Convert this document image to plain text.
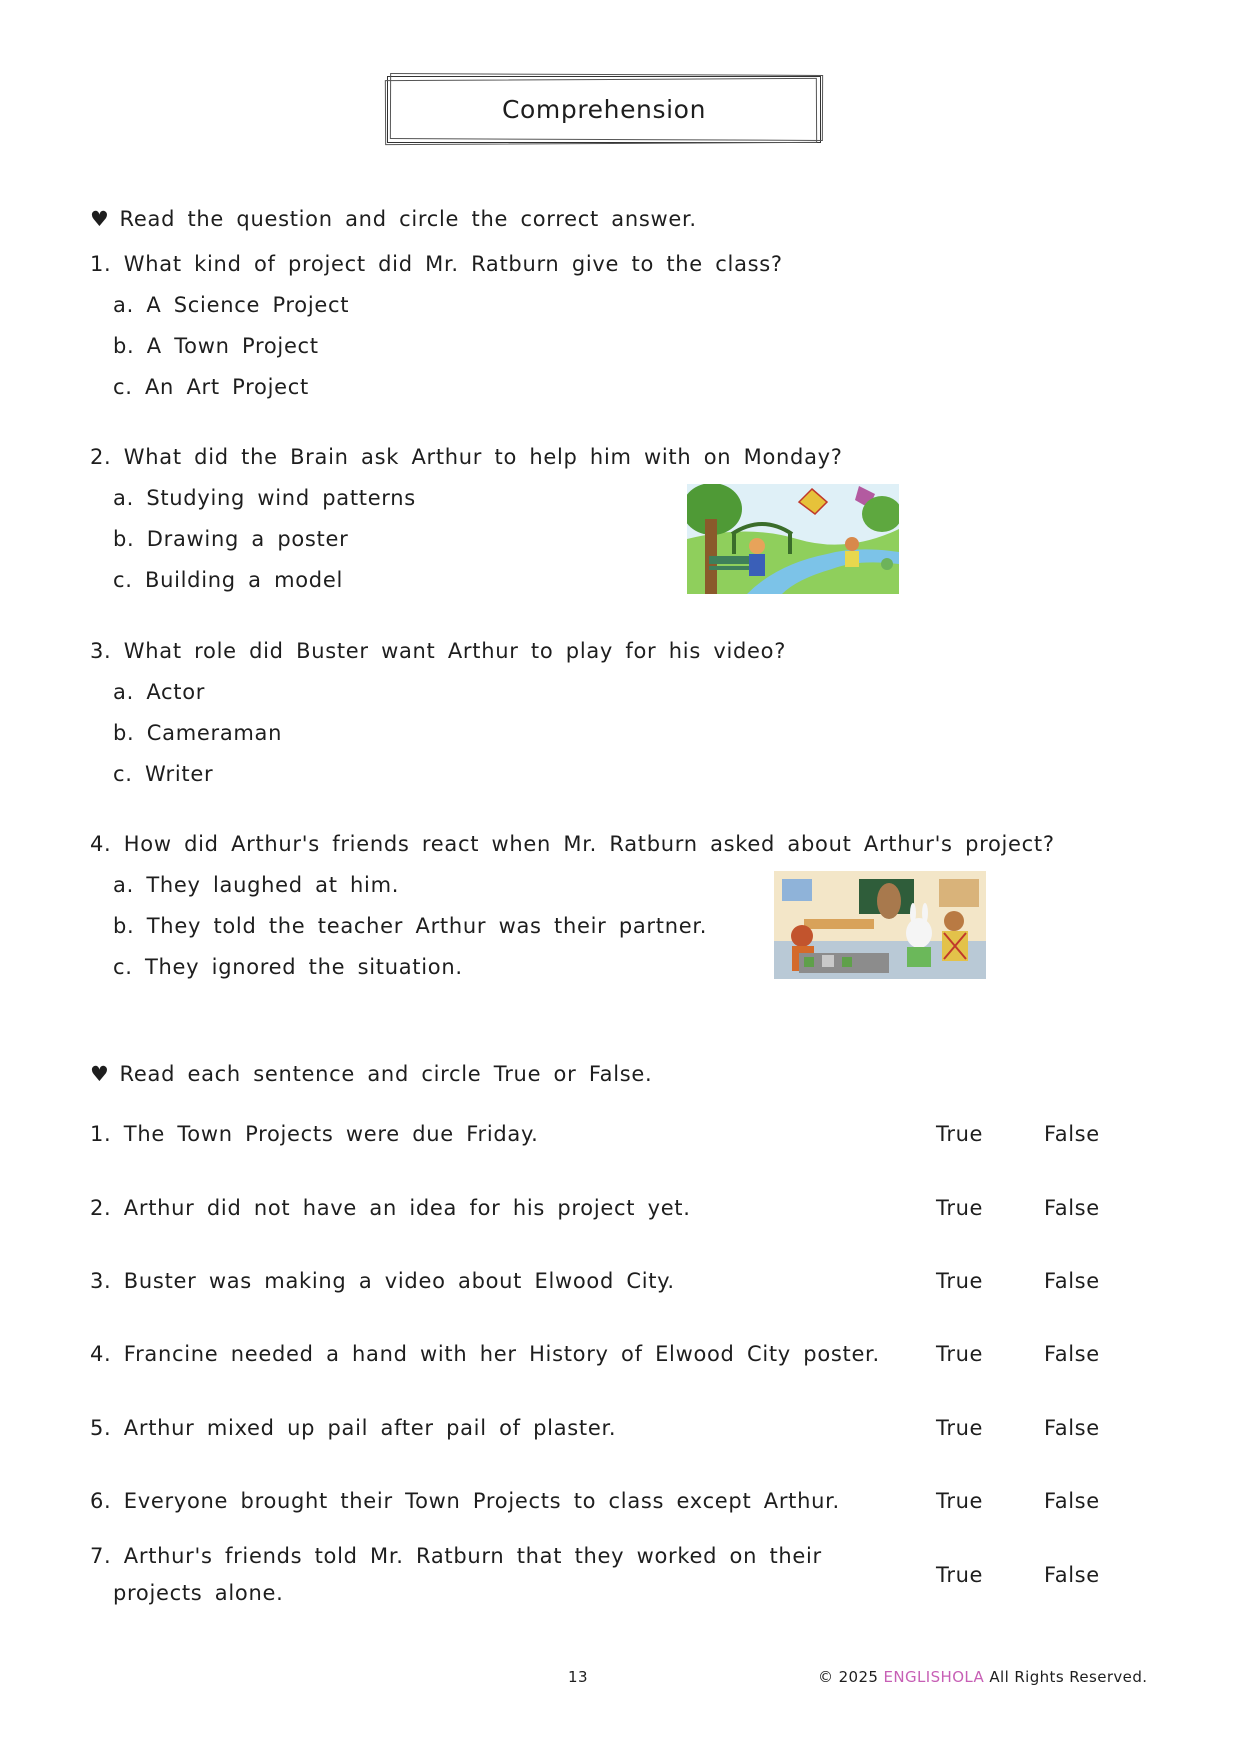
Comprehension
♥ Read the question and circle the correct answer.
1. What kind of project did Mr. Ratburn give to the class?
a. A Science Project
b. A Town Project
c. An Art Project
2. What did the Brain ask Arthur to help him with on Monday?
a. Studying wind patterns
b. Drawing a poster
c. Building a model
3. What role did Buster want Arthur to play for his video?
a. Actor
b. Cameraman
c. Writer
4. How did Arthur's friends react when Mr. Ratburn asked about Arthur's project?
a. They laughed at him.
b. They told the teacher Arthur was their partner.
c. They ignored the situation.
♥ Read each sentence and circle True or False.
1. The Town Projects were due Friday.	True	False
2. Arthur did not have an idea for his project yet.	True	False
3. Buster was making a video about Elwood City.	True	False
4. Francine needed a hand with her History of Elwood City poster.	True	False
5. Arthur mixed up pail after pail of plaster.	True	False
6. Everyone brought their Town Projects to class except Arthur.	True	False
7. Arthur's friends told Mr. Ratburn that they worked on their
projects alone.
True	False
13	© 2025 ENGLISHOLA All Rights Reserved.
